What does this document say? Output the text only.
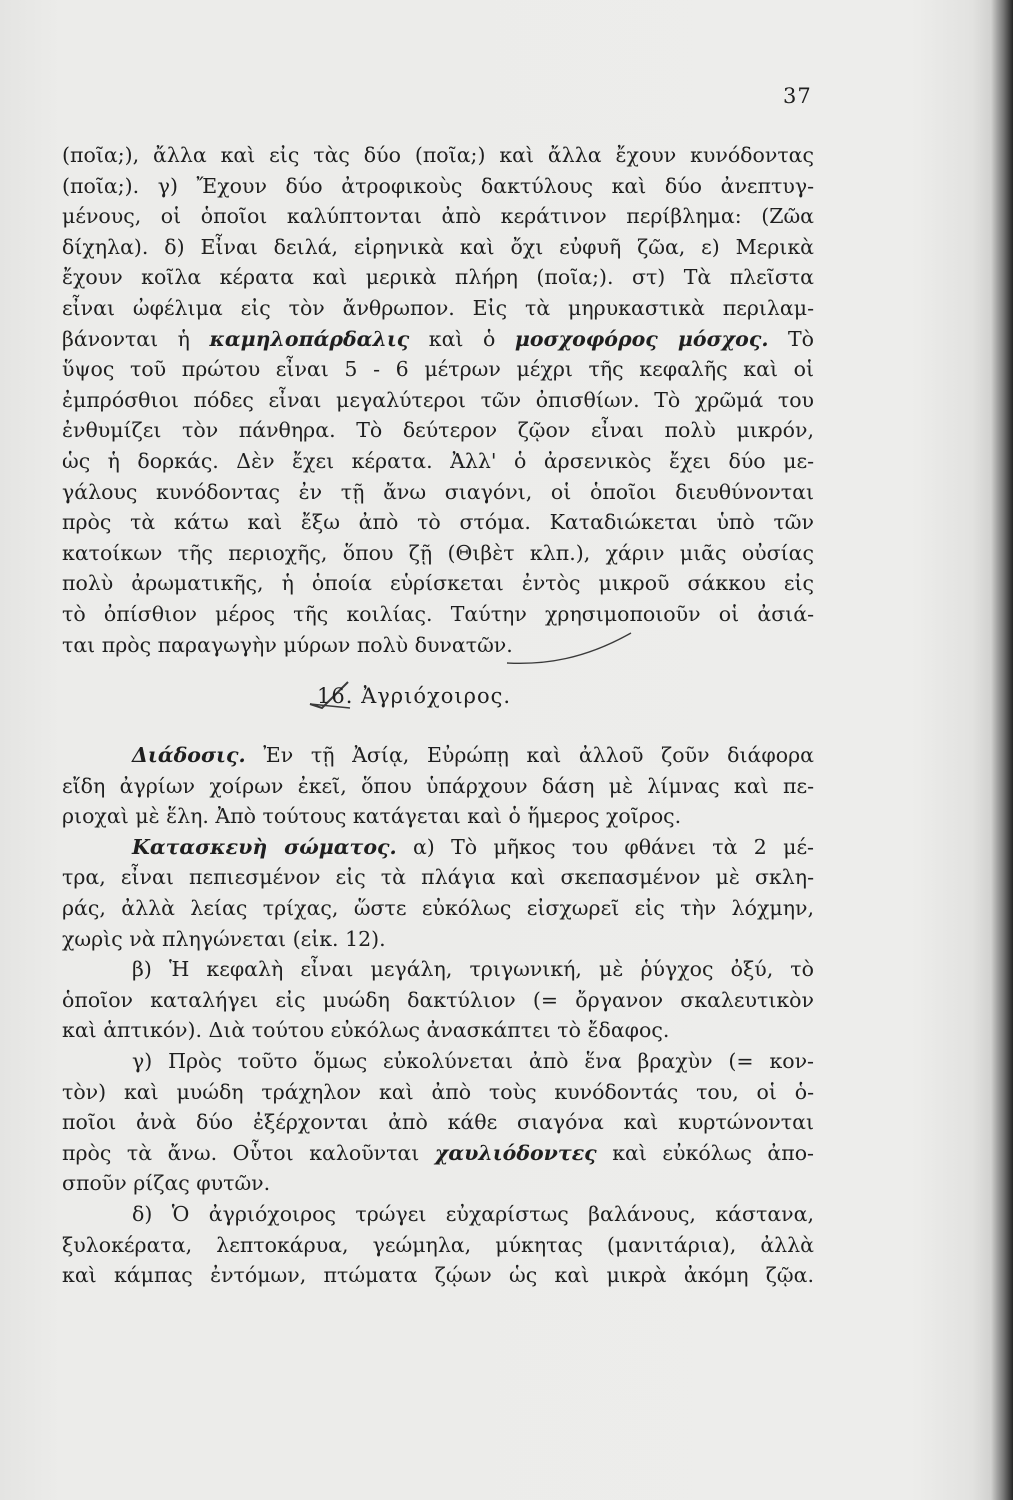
37
(ποῖα;), ἄλλα καὶ εἰς τὰς δύο (ποῖα;) καὶ ἄλλα ἔχουν κυνόδοντας
(ποῖα;). γ) Ἔχουν δύο ἀτροφικοὺς δακτύλους καὶ δύο ἀνεπτυγ-
μένους, οἱ ὁποῖοι καλύπτονται ἀπὸ κεράτινον περίβλημα: (Ζῶα
δίχηλα). δ) Εἶναι δειλά, εἰρηνικὰ καὶ ὄχι εὐφυῆ ζῶα, ε) Μερικὰ
ἔχουν κοῖλα κέρατα καὶ μερικὰ πλήρη (ποῖα;). στ) Τὰ πλεῖστα
εἶναι ὠφέλιμα εἰς τὸν ἄνθρωπον. Εἰς τὰ μηρυκαστικὰ περιλαμ-
βάνονται ἡ καμηλοπάρδαλις καὶ ὁ μοσχοφόρος μόσχος. Τὸ
ὕψος τοῦ πρώτου εἶναι 5 - 6 μέτρων μέχρι τῆς κεφαλῆς καὶ οἱ
ἐμπρόσθιοι πόδες εἶναι μεγαλύτεροι τῶν ὀπισθίων. Τὸ χρῶμά του
ἐνθυμίζει τὸν πάνθηρα. Τὸ δεύτερον ζῷον εἶναι πολὺ μικρόν,
ὡς ἡ δορκάς. Δὲν ἔχει κέρατα. Ἀλλ' ὁ ἀρσενικὸς ἔχει δύο με-
γάλους κυνόδοντας ἐν τῇ ἄνω σιαγόνι, οἱ ὁποῖοι διευθύνονται
πρὸς τὰ κάτω καὶ ἔξω ἀπὸ τὸ στόμα. Καταδιώκεται ὑπὸ τῶν
κατοίκων τῆς περιοχῆς, ὅπου ζῇ (Θιβὲτ κλπ.), χάριν μιᾶς οὐσίας
πολὺ ἀρωματικῆς, ἡ ὁποία εὑρίσκεται ἐντὸς μικροῦ σάκκου εἰς
τὸ ὀπίσθιον μέρος τῆς κοιλίας. Ταύτην χρησιμοποιοῦν οἱ ἀσιά-
ται πρὸς παραγωγὴν μύρων πολὺ δυνατῶν.
16. Ἀγριόχοιρος.
Διάδοσις. Ἐν τῇ Ἀσίᾳ, Εὐρώπῃ καὶ ἀλλοῦ ζοῦν διάφορα
εἴδη ἀγρίων χοίρων ἐκεῖ, ὅπου ὑπάρχουν δάση μὲ λίμνας καὶ πε-
ριοχαὶ μὲ ἕλη. Ἀπὸ τούτους κατάγεται καὶ ὁ ἥμερος χοῖρος.
Κατασκευὴ σώματος. α) Τὸ μῆκος του φθάνει τὰ 2 μέ-
τρα, εἶναι πεπιεσμένον εἰς τὰ πλάγια καὶ σκεπασμένον μὲ σκλη-
ράς, ἀλλὰ λείας τρίχας, ὥστε εὐκόλως εἰσχωρεῖ εἰς τὴν λόχμην,
χωρὶς νὰ πληγώνεται (εἰκ. 12).
β) Ἡ κεφαλὴ εἶναι μεγάλη, τριγωνική, μὲ ῥύγχος ὀξύ, τὸ
ὁποῖον καταλήγει εἰς μυώδη δακτύλιον (= ὄργανον σκαλευτικὸν
καὶ ἁπτικόν). Διὰ τούτου εὐκόλως ἀνασκάπτει τὸ ἔδαφος.
γ) Πρὸς τοῦτο ὅμως εὐκολύνεται ἀπὸ ἕνα βραχὺν (= κον-
τὸν) καὶ μυώδη τράχηλον καὶ ἀπὸ τοὺς κυνόδοντάς του, οἱ ὁ-
ποῖοι ἀνὰ δύο ἐξέρχονται ἀπὸ κάθε σιαγόνα καὶ κυρτώνονται
πρὸς τὰ ἄνω. Οὗτοι καλοῦνται χαυλιόδοντες καὶ εὐκόλως ἀπο-
σποῦν ρίζας φυτῶν.
δ) Ὁ ἀγριόχοιρος τρώγει εὐχαρίστως βαλάνους, κάστανα,
ξυλοκέρατα, λεπτοκάρυα, γεώμηλα, μύκητας (μανιτάρια), ἀλλὰ
καὶ κάμπας ἐντόμων, πτώματα ζῴων ὡς καὶ μικρὰ ἀκόμη ζῷα.
